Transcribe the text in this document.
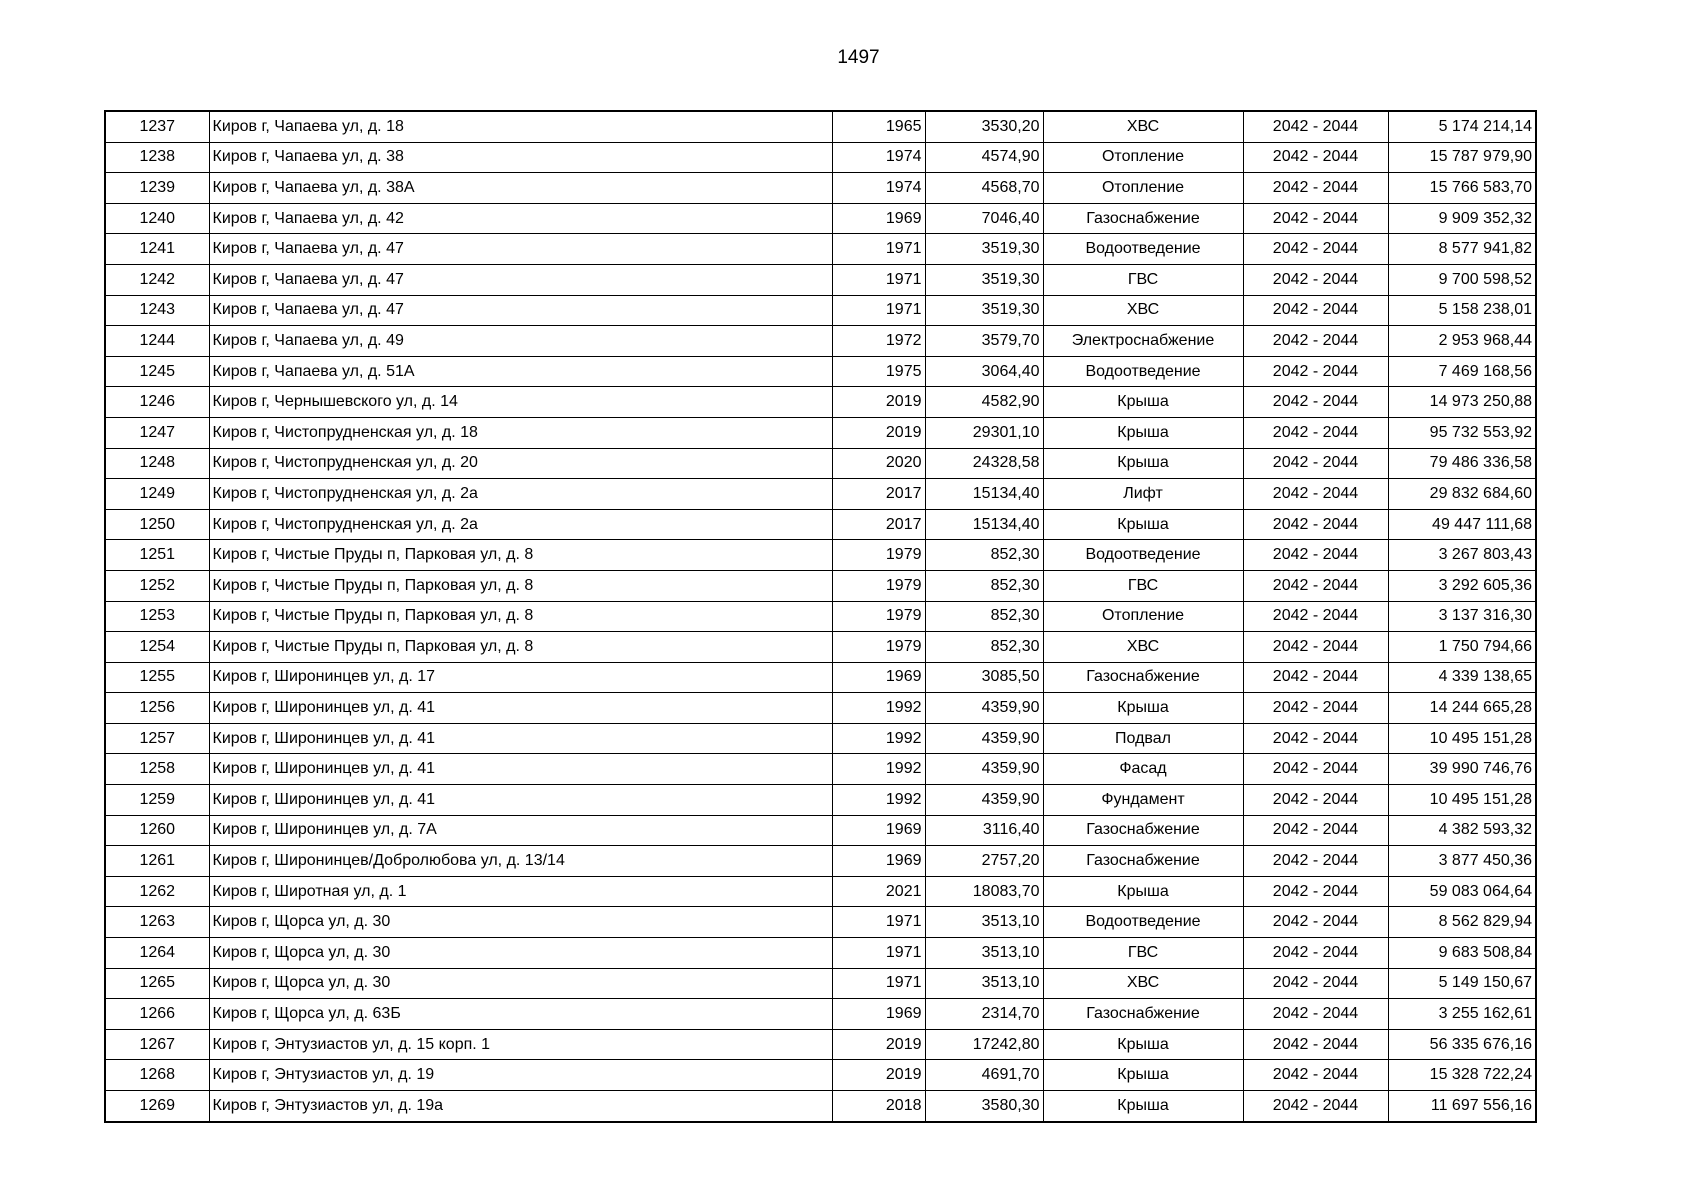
1497
1237	Киров г, Чапаева ул, д. 18	1965	3530,20	ХВС	2042 - 2044	5 174 214,14
1238	Киров г, Чапаева ул, д. 38	1974	4574,90	Отопление	2042 - 2044	15 787 979,90
1239	Киров г, Чапаева ул, д. 38А	1974	4568,70	Отопление	2042 - 2044	15 766 583,70
1240	Киров г, Чапаева ул, д. 42	1969	7046,40	Газоснабжение	2042 - 2044	9 909 352,32
1241	Киров г, Чапаева ул, д. 47	1971	3519,30	Водоотведение	2042 - 2044	8 577 941,82
1242	Киров г, Чапаева ул, д. 47	1971	3519,30	ГВС	2042 - 2044	9 700 598,52
1243	Киров г, Чапаева ул, д. 47	1971	3519,30	ХВС	2042 - 2044	5 158 238,01
1244	Киров г, Чапаева ул, д. 49	1972	3579,70	Электроснабжение	2042 - 2044	2 953 968,44
1245	Киров г, Чапаева ул, д. 51А	1975	3064,40	Водоотведение	2042 - 2044	7 469 168,56
1246	Киров г, Чернышевского ул, д. 14	2019	4582,90	Крыша	2042 - 2044	14 973 250,88
1247	Киров г, Чистопрудненская ул, д. 18	2019	29301,10	Крыша	2042 - 2044	95 732 553,92
1248	Киров г, Чистопрудненская ул, д. 20	2020	24328,58	Крыша	2042 - 2044	79 486 336,58
1249	Киров г, Чистопрудненская ул, д. 2а	2017	15134,40	Лифт	2042 - 2044	29 832 684,60
1250	Киров г, Чистопрудненская ул, д. 2а	2017	15134,40	Крыша	2042 - 2044	49 447 111,68
1251	Киров г, Чистые Пруды п, Парковая ул, д. 8	1979	852,30	Водоотведение	2042 - 2044	3 267 803,43
1252	Киров г, Чистые Пруды п, Парковая ул, д. 8	1979	852,30	ГВС	2042 - 2044	3 292 605,36
1253	Киров г, Чистые Пруды п, Парковая ул, д. 8	1979	852,30	Отопление	2042 - 2044	3 137 316,30
1254	Киров г, Чистые Пруды п, Парковая ул, д. 8	1979	852,30	ХВС	2042 - 2044	1 750 794,66
1255	Киров г, Широнинцев ул, д. 17	1969	3085,50	Газоснабжение	2042 - 2044	4 339 138,65
1256	Киров г, Широнинцев ул, д. 41	1992	4359,90	Крыша	2042 - 2044	14 244 665,28
1257	Киров г, Широнинцев ул, д. 41	1992	4359,90	Подвал	2042 - 2044	10 495 151,28
1258	Киров г, Широнинцев ул, д. 41	1992	4359,90	Фасад	2042 - 2044	39 990 746,76
1259	Киров г, Широнинцев ул, д. 41	1992	4359,90	Фундамент	2042 - 2044	10 495 151,28
1260	Киров г, Широнинцев ул, д. 7А	1969	3116,40	Газоснабжение	2042 - 2044	4 382 593,32
1261	Киров г, Широнинцев/Добролюбова ул, д. 13/14	1969	2757,20	Газоснабжение	2042 - 2044	3 877 450,36
1262	Киров г, Широтная ул, д. 1	2021	18083,70	Крыша	2042 - 2044	59 083 064,64
1263	Киров г, Щорса ул, д. 30	1971	3513,10	Водоотведение	2042 - 2044	8 562 829,94
1264	Киров г, Щорса ул, д. 30	1971	3513,10	ГВС	2042 - 2044	9 683 508,84
1265	Киров г, Щорса ул, д. 30	1971	3513,10	ХВС	2042 - 2044	5 149 150,67
1266	Киров г, Щорса ул, д. 63Б	1969	2314,70	Газоснабжение	2042 - 2044	3 255 162,61
1267	Киров г, Энтузиастов ул, д. 15 корп. 1	2019	17242,80	Крыша	2042 - 2044	56 335 676,16
1268	Киров г, Энтузиастов ул, д. 19	2019	4691,70	Крыша	2042 - 2044	15 328 722,24
1269	Киров г, Энтузиастов ул, д. 19а	2018	3580,30	Крыша	2042 - 2044	11 697 556,16
